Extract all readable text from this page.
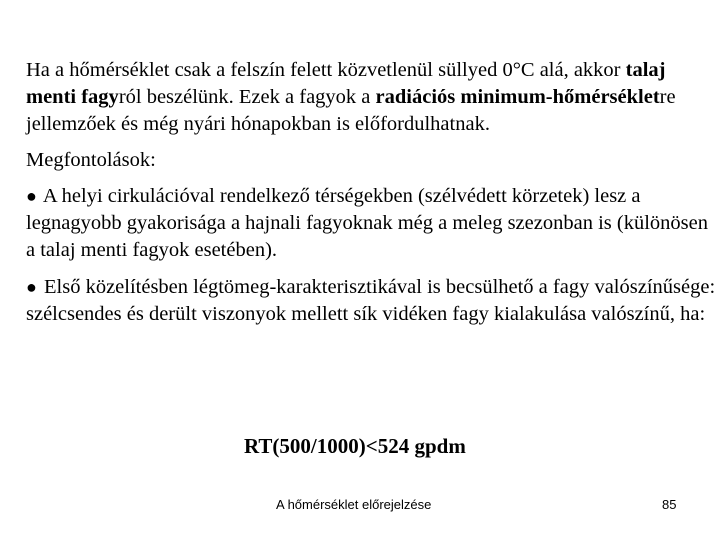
Ha a hőmérséklet csak a felszín felett közvetlenül süllyed 0°C alá, akkor talaj menti fagyról beszélünk. Ezek a fagyok a radiációs minimum-hőmérsékletre jellemzőek és még nyári hónapokban is előfordulhatnak.

Megfontolások:

● A helyi cirkulációval rendelkező térségekben (szélvédett körzetek) lesz a legnagyobb gyakorisága a hajnali fagyoknak még a meleg szezonban is (különösen a talaj menti fagyok esetében).

● Első közelítésben légtömeg-karakterisztikával is becsülhető a fagy valószínűsége: szélcsendes és derült viszonyok mellett sík vidéken fagy kialakulása valószínű, ha:

RT(500/1000)<524 gpdm
A hőmérséklet előrejelzése	85
